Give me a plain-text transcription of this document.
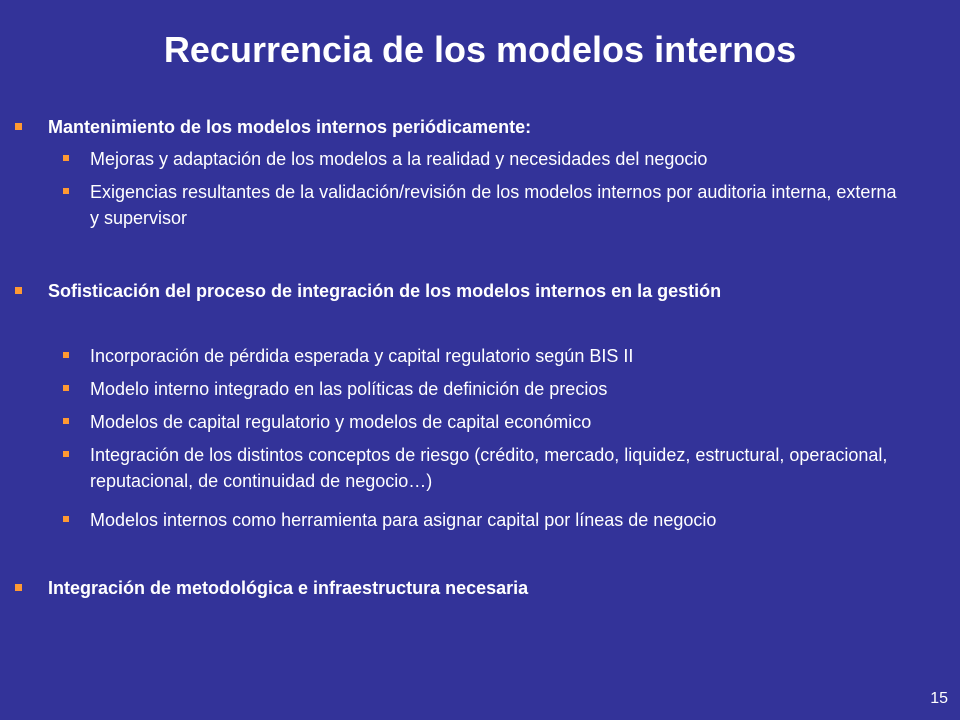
Recurrencia de los modelos internos
Mantenimiento de los modelos internos periódicamente:
Mejoras y adaptación de los modelos a la realidad y necesidades del negocio
Exigencias resultantes de la validación/revisión de los modelos internos por auditoria interna, externa y supervisor
Sofisticación del proceso de integración de los modelos internos en la gestión
Incorporación de pérdida esperada y capital regulatorio según BIS II
Modelo interno integrado en las políticas de definición de precios
Modelos de capital regulatorio y modelos de capital económico
Integración de los distintos conceptos de riesgo (crédito, mercado, liquidez, estructural, operacional, reputacional, de continuidad de negocio…)
Modelos internos como herramienta para asignar capital por líneas de negocio
Integración de metodológica e infraestructura necesaria
15
